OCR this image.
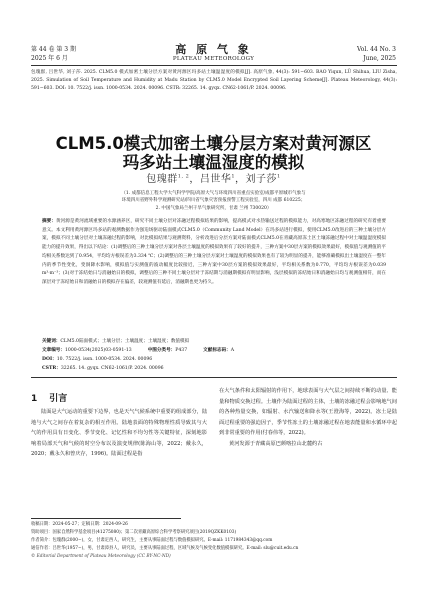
第 44 卷 第 3 期
2025 年 6 月
高 原 气 象
PLATEAU METEOROLOGY
Vol. 44 No. 3
June, 2025
包瑰群, 吕世华, 刘子莎. 2025. CLM5.0 模式加密土壤分层方案对黄河源区玛多站土壤温湿度的模拟[J]. 高原气象, 44(3): 591−603. BAO Yiqun, LÜ Shihua, LIU Zisha, 2025. Simulation of Soil Temperature and Humidity at Madu Station by CLM5.0 Model Encrypted Soil Layering Scheme[J]. Plateau Meteorology, 44(3): 591−603. DOI: 10. 7522/j. issn. 1000-0534. 2024. 00096. CSTR: 32265. 14. gyqx. CN62-1061/P. 2024. 00096.
CLM5.0模式加密土壤分层方案对黄河源区
玛多站土壤温湿度的模拟
包瑰群$^{1, 2}$，吕世华$^1$，刘子莎$^1$
（1. 成都信息工程大学大气科学学院/高原大气与环境四川省重点实验室/成都平原城市气象与
环境四川省野外科学观测研究站/四川省气象灾害预报预警工程实验室，四川 成都 610225；
2. 中国气象局兰州干旱气象研究所，甘肃 兰州 730020）
摘要：黄河源是黄河流域重要的水源涵养区，研究不同土壤分层对冻融过程模拟结果的影响，提高模式对水热输送过程的模拟能力，对高寒地区冻融过程的研究有着重要意义。本文利用黄河源区玛多站的观测数据作为强迫场驱动陆面模式CLM5.0（Community Land Model）在玛多站进行模拟，使用CLM5.0改进后的三种土壤分层方案，模拟不同土壤分层对土壤冻融过程的影响，对比模拟结果与观测资料，分析改进后分层方案对陆面模式CLM5.0在青藏高原冻土区土壤冻融过程中对土壤温湿度模拟能力的提升效果，得出以下结论：(1)调整后的三种土壤分层方案对各层土壤温度的模拟效果有了较好的提升，三种方案中30层方案的模拟效果最好，模拟值与观测值的平均相关系数达到了0.954，平均均方根误差为3.334 ℃；(2)调整后的三种土壤分层方案对土壤湿度的模拟效果也有了较为明显的提升，能够准确模拟出土壤湿度在一整年内的季节性变化，变洞降水影响，模拟值与实测值的波动幅度比较接近，三种方案中30层方案的模拟效果最好，平均相关系数为0.770，平均均方根误差为0.039 m³·m⁻³；(3)对于冻结始日与消融始日的模拟，调整后的三种不同土壤分层对于冻结期与消融期模拟有明显影响，浅层模拟的冻结始日和消融始日均与观测值相符，而在深层对于冻结始日和消融始日的模拟存在偏差，较观测值有延后，消融期也更为持久。
关键词：CLM5.0陆面模式；土壤分层；土壤温度；土壤湿度；数值模拟
文章编号：1000-0534(2025)03-0591-13	中图分类号：P437	文献标志码：A
DOI：10. 7522/j. issn. 1000-0534. 2024. 00096
CSTR：32265. 14. gyqx. CN62-1061/P. 2024. 00096
1 引言
陆面是大气运动的重要下边界，也是天气气候系统中重要的组成部分，陆地与大气之间存在着复杂的相互作用。陆地表面的特殊物理性质导致其与大气的作用具有日变化、季节变化、记忆性和不均匀性等关键特征，深刻地影响着局部天气和气候的时空分布以及演变规律(陈海山等，2022；戴永久，2020；戴永久和曾庆存，1996)。陆面过程是指
在大气条件和太阳辐射的作用下，地球表面与大气层之间持续不断的动量、能量和物质交换过程。土壤作为陆面过程的主体，土壤的冻融过程会影响地气间的各种热量交换，如辐射、水汽输送和降水等(王澄海等，2022)。冻土是陆面过程重要的强迫因子，季节性冻土的土壤冻融过程在地表能量和水循环中起到非常重要的作用(付春伟等，2022)。
黄河发源于青藏高原巴颜喀拉山北麓约古
收稿日期：2024-05-27；定稿日期：2024-09-26
资助项目：国家自然科学基金项目(41275080)；第二次青藏高原综合科学考察研究项目(2019QZKK0103)
作者简介：包瑰群(2000−)，女，甘肃定西人，研究生，主要从事陆面过程与数值模拟研究。E-mail: 1171984343@qq.com
通信作者：吕世华(1957−)，男，甘肃漳县人，研究员，主要从事陆面过程、区域气候及气候变化数值模拟研究。E-mail: slu@cuit.edu.cn
© Editorial Department of Plateau Meteorology (CC BY-NC-ND)
